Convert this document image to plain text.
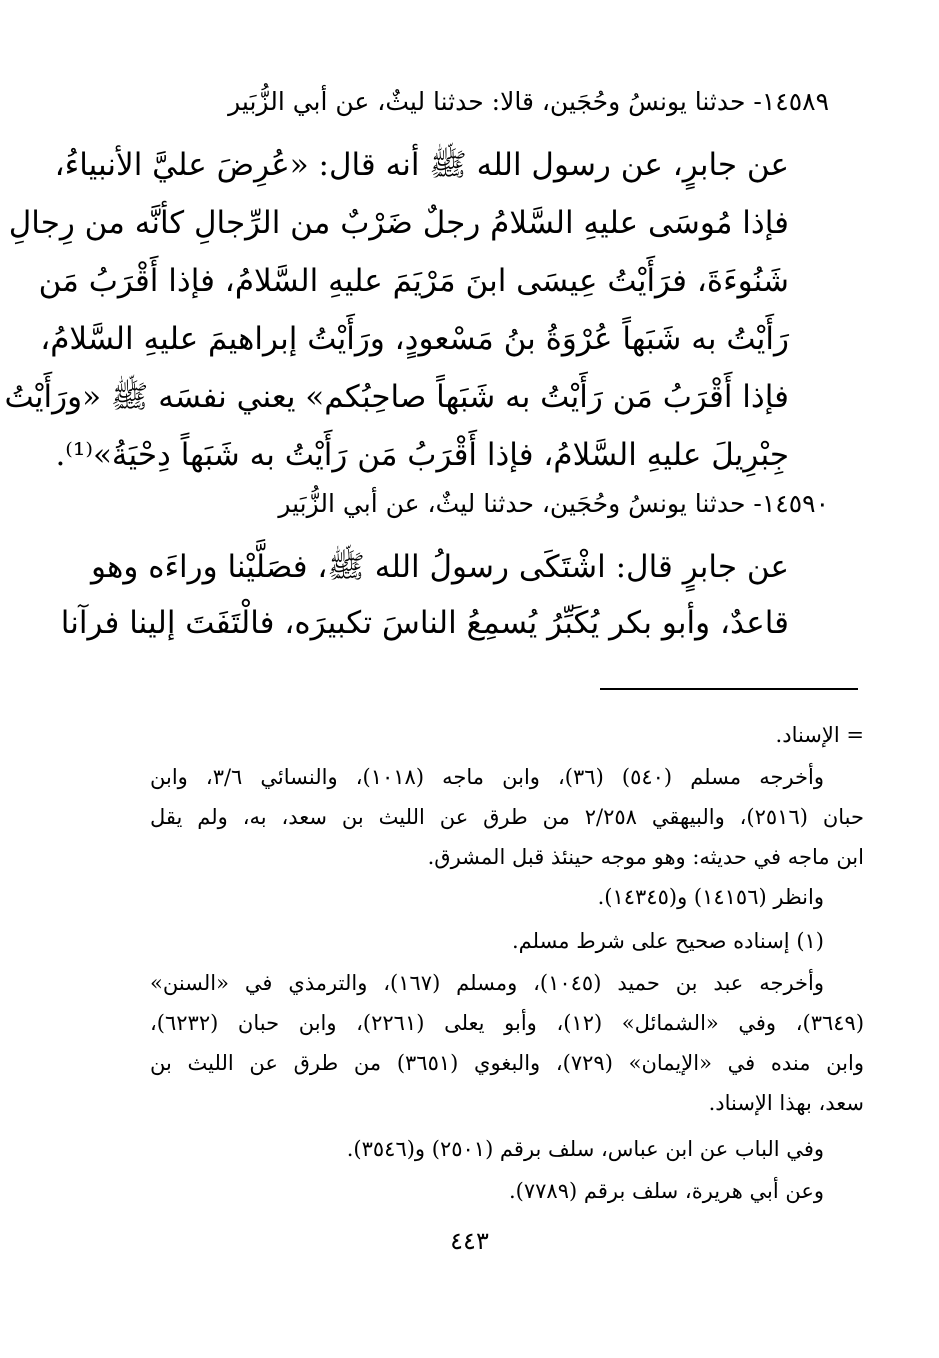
١٤٥٨٩- حدثنا يونسُ وحُجَين، قالا: حدثنا ليثٌ، عن أبي الزُّبَير
عن جابرٍ، عن رسول الله ﷺ أنه قال: «عُرِضَ عليَّ الأنبياءُ،
فإذا مُوسَى عليهِ السَّلامُ رجلٌ ضَرْبٌ من الرِّجالِ كأنَّه من رِجالِ
شَنُوءَةَ، فرَأَيْتُ عِيسَى ابنَ مَرْيَمَ عليهِ السَّلامُ، فإذا أَقْرَبُ مَن
رَأَيْتُ به شَبَهاً عُرْوَةُ بنُ مَسْعودٍ، ورَأَيْتُ إبراهيمَ عليهِ السَّلامُ،
فإذا أَقْرَبُ مَن رَأَيْتُ به شَبَهاً صاحِبُكم» يعني نفسَه ﷺ «ورَأَيْتُ
جِبْرِيلَ عليهِ السَّلامُ، فإذا أَقْرَبُ مَن رَأَيْتُ به شَبَهاً دِحْيَةُ»⁽¹⁾.
١٤٥٩٠- حدثنا يونسُ وحُجَين، حدثنا ليثٌ، عن أبي الزُّبَير
عن جابرٍ قال: اشْتَكَى رسولُ الله ﷺ، فصَلَّيْنا وراءَه وهو
قاعدٌ، وأبو بكر يُكَبِّرُ يُسمِعُ الناسَ تكبيرَه، فالْتَفَتَ إلينا فرآنا
= الإسناد.
وأخرجه مسلم (٥٤٠) (٣٦)، وابن ماجه (١٠١٨)، والنسائي ٣/٦، وابن
حبان (٢٥١٦)، والبيهقي ٢/٢٥٨ من طرق عن الليث بن سعد، به، ولم يقل
ابن ماجه في حديثه: وهو موجه حينئذ قبل المشرق.
وانظر (١٤١٥٦) و(١٤٣٤٥).
(١) إسناده صحيح على شرط مسلم.
وأخرجه عبد بن حميد (١٠٤٥)، ومسلم (١٦٧)، والترمذي في «السنن»
(٣٦٤٩)، وفي «الشمائل» (١٢)، وأبو يعلى (٢٢٦١)، وابن حبان (٦٢٣٢)،
وابن منده في «الإيمان» (٧٢٩)، والبغوي (٣٦٥١) من طرق عن الليث بن
سعد، بهذا الإسناد.
وفي الباب عن ابن عباس، سلف برقم (٢٥٠١) و(٣٥٤٦).
وعن أبي هريرة، سلف برقم (٧٧٨٩).
٤٤٣
